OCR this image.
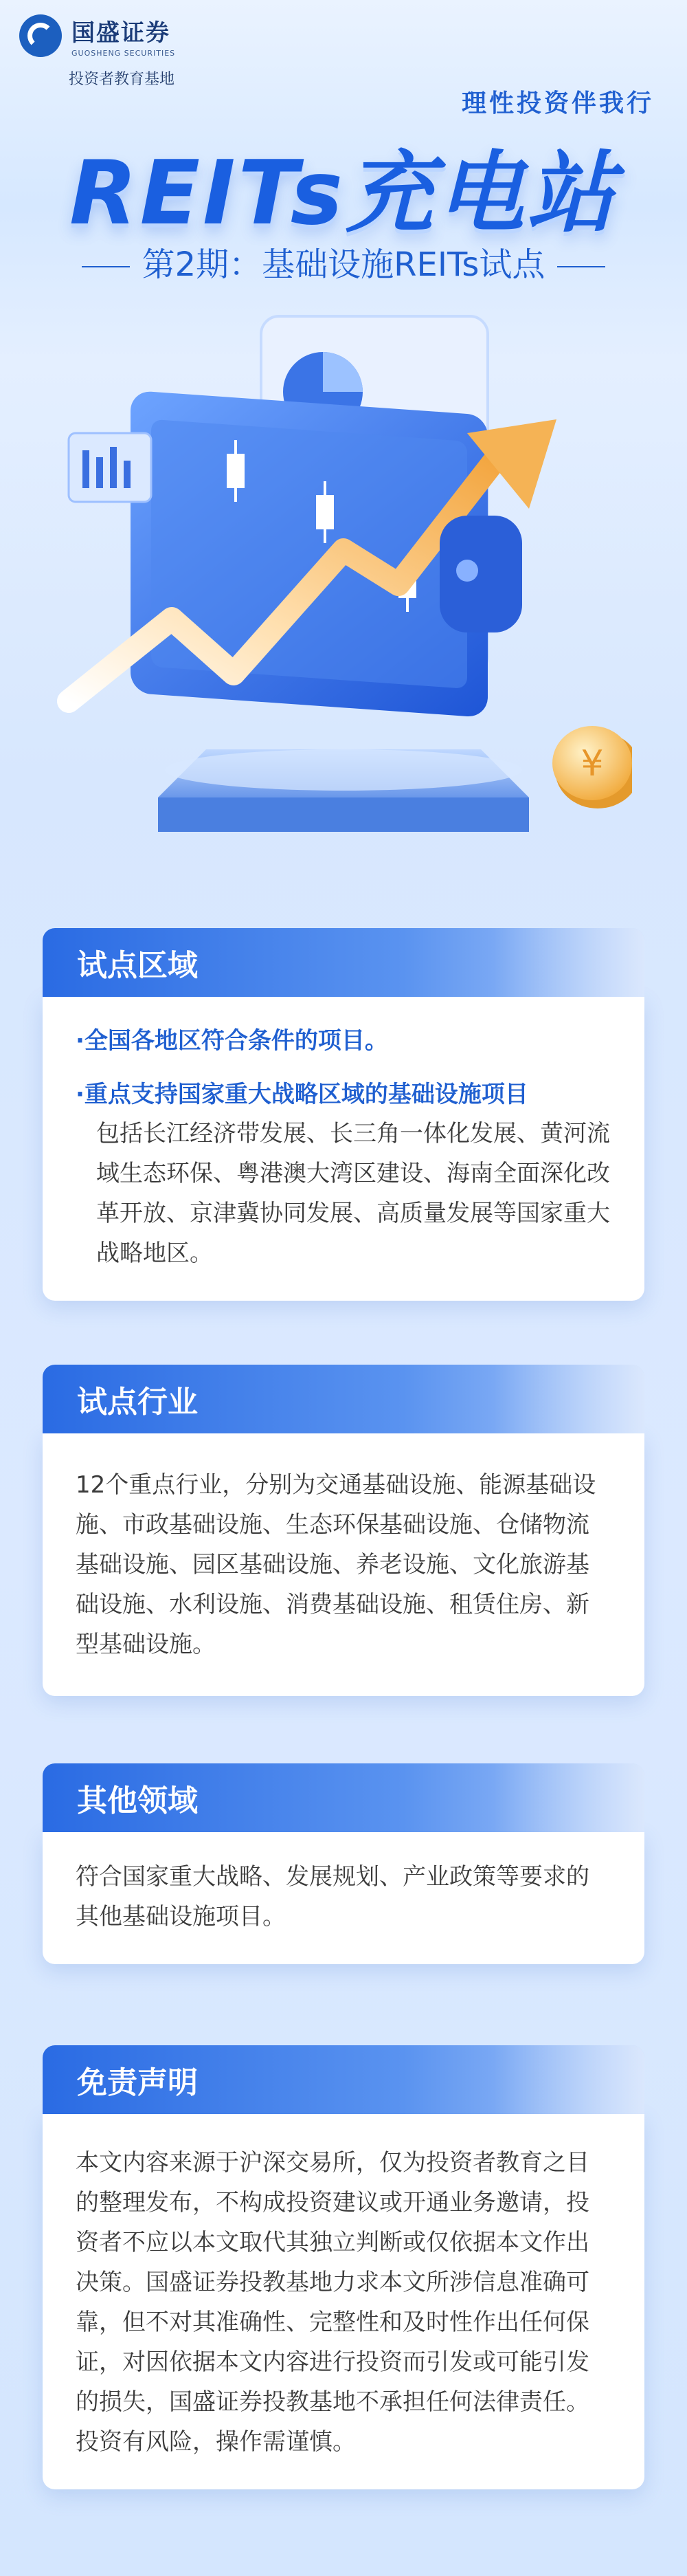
国盛证券
GUOSHENG SECURITIES
投资者教育基地
理性投资伴我行
REITs充电站
第2期：基础设施REITs试点
¥
试点区域
·全国各地区符合条件的项目。
·重点支持国家重大战略区域的基础设施项目
包括长江经济带发展、长三角一体化发展、黄河流域生态环保、粤港澳大湾区建设、海南全面深化改革开放、京津冀协同发展、高质量发展等国家重大战略地区。
试点行业
12个重点行业，分别为交通基础设施、能源基础设施、市政基础设施、生态环保基础设施、仓储物流基础设施、园区基础设施、养老设施、文化旅游基础设施、水利设施、消费基础设施、租赁住房、新型基础设施。
其他领域
符合国家重大战略、发展规划、产业政策等要求的其他基础设施项目。
免责声明
本文内容来源于沪深交易所，仅为投资者教育之目的整理发布，不构成投资建议或开通业务邀请，投资者不应以本文取代其独立判断或仅依据本文作出决策。国盛证券投教基地力求本文所涉信息准确可靠，但不对其准确性、完整性和及时性作出任何保证，对因依据本文内容进行投资而引发或可能引发的损失，国盛证券投教基地不承担任何法律责任。投资有风险，操作需谨慎。
